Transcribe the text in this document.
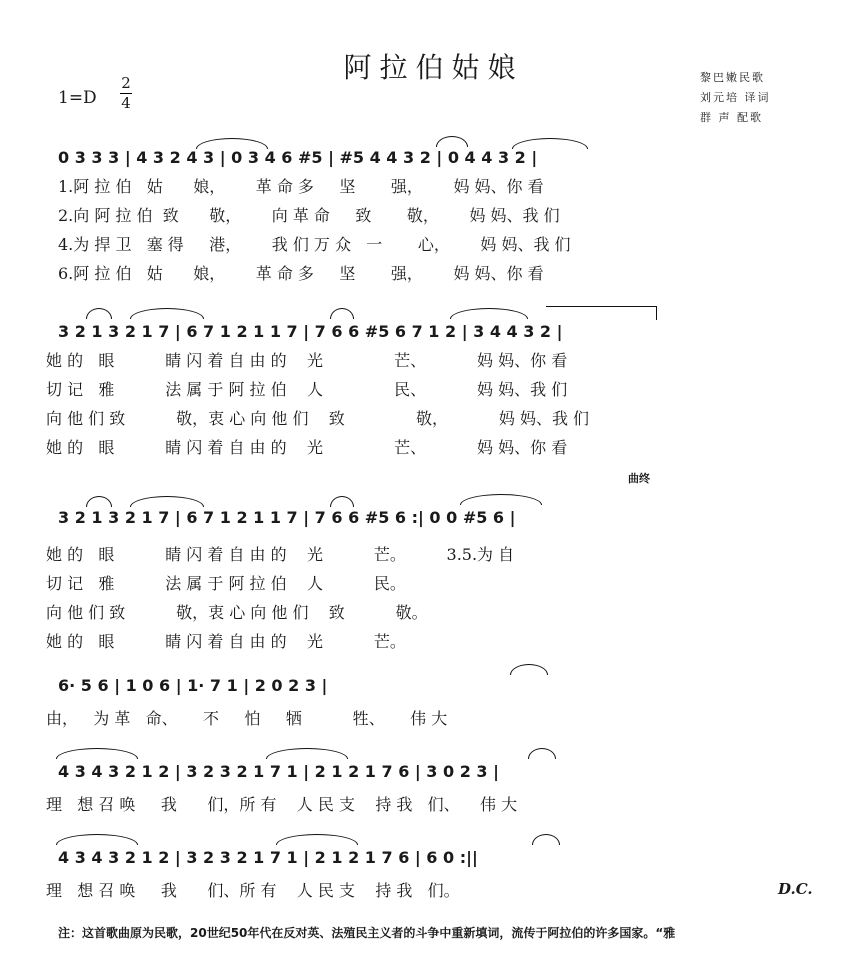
阿拉伯姑娘
1=D
2
4
黎巴嫩民歌
刘元培 译词
群 声 配歌
0 3 3 3 | 4 3 2 4 3 | 0 3 4 6 #5 | #5 4 4 3 2 | 0 4 4 3 2 |
1.阿 拉 伯   姑      娘，      革 命 多     坚       强，      妈 妈、你 看
2.向 阿 拉 伯  致      敬，      向 革 命     致       敬，      妈 妈、我 们
4.为 捍 卫   塞 得     港，      我 们 万 众   一       心，      妈 妈、我 们
6.阿 拉 伯   姑      娘，      革 命 多     坚       强，      妈 妈、你 看
3 2 1 3 2 1 7 | 6 7 1 2 1 1 7 | 7 6 6 #5 6 7 1 2 | 3 4 4 3 2 |
她 的   眼          睛 闪 着 自 由 的    光              芒、          妈 妈、你 看
切 记   雅          法 属 于 阿 拉 伯    人              民、          妈 妈、我 们
向 他 们 致          敬，衷 心 向 他 们    致              敬，          妈 妈、我 们
她 的   眼          睛 闪 着 自 由 的    光              芒、          妈 妈、你 看
曲终
3 2 1 3 2 1 7 | 6 7 1 2 1 1 7 | 7 6 6 #5 6 :| 0 0 #5 6 |
她 的   眼          睛 闪 着 自 由 的    光          芒。        3.5.为 自
切 记   雅          法 属 于 阿 拉 伯    人          民。
向 他 们 致          敬，衷 心 向 他 们    致          敬。
她 的   眼          睛 闪 着 自 由 的    光          芒。
6· 5 6 | 1 0 6 | 1· 7 1 | 2 0 2 3 |
由，   为 革   命、     不     怕     牺          牲、     伟 大
4 3 4 3 2 1 2 | 3 2 3 2 1 7 1 | 2 1 2 1 7 6 | 3 0 2 3 |
理   想 召 唤     我      们，所 有    人 民 支    持 我   们、    伟 大
4 3 4 3 2 1 2 | 3 2 3 2 1 7 1 | 2 1 2 1 7 6 | 6 0 :||
理   想 召 唤     我      们、所 有    人 民 支    持 我   们。	D.C.
注：这首歌曲原为民歌，20世纪50年代在反对英、法殖民主义者的斗争中重新填词，流传于阿拉伯的许多国家。“雅
